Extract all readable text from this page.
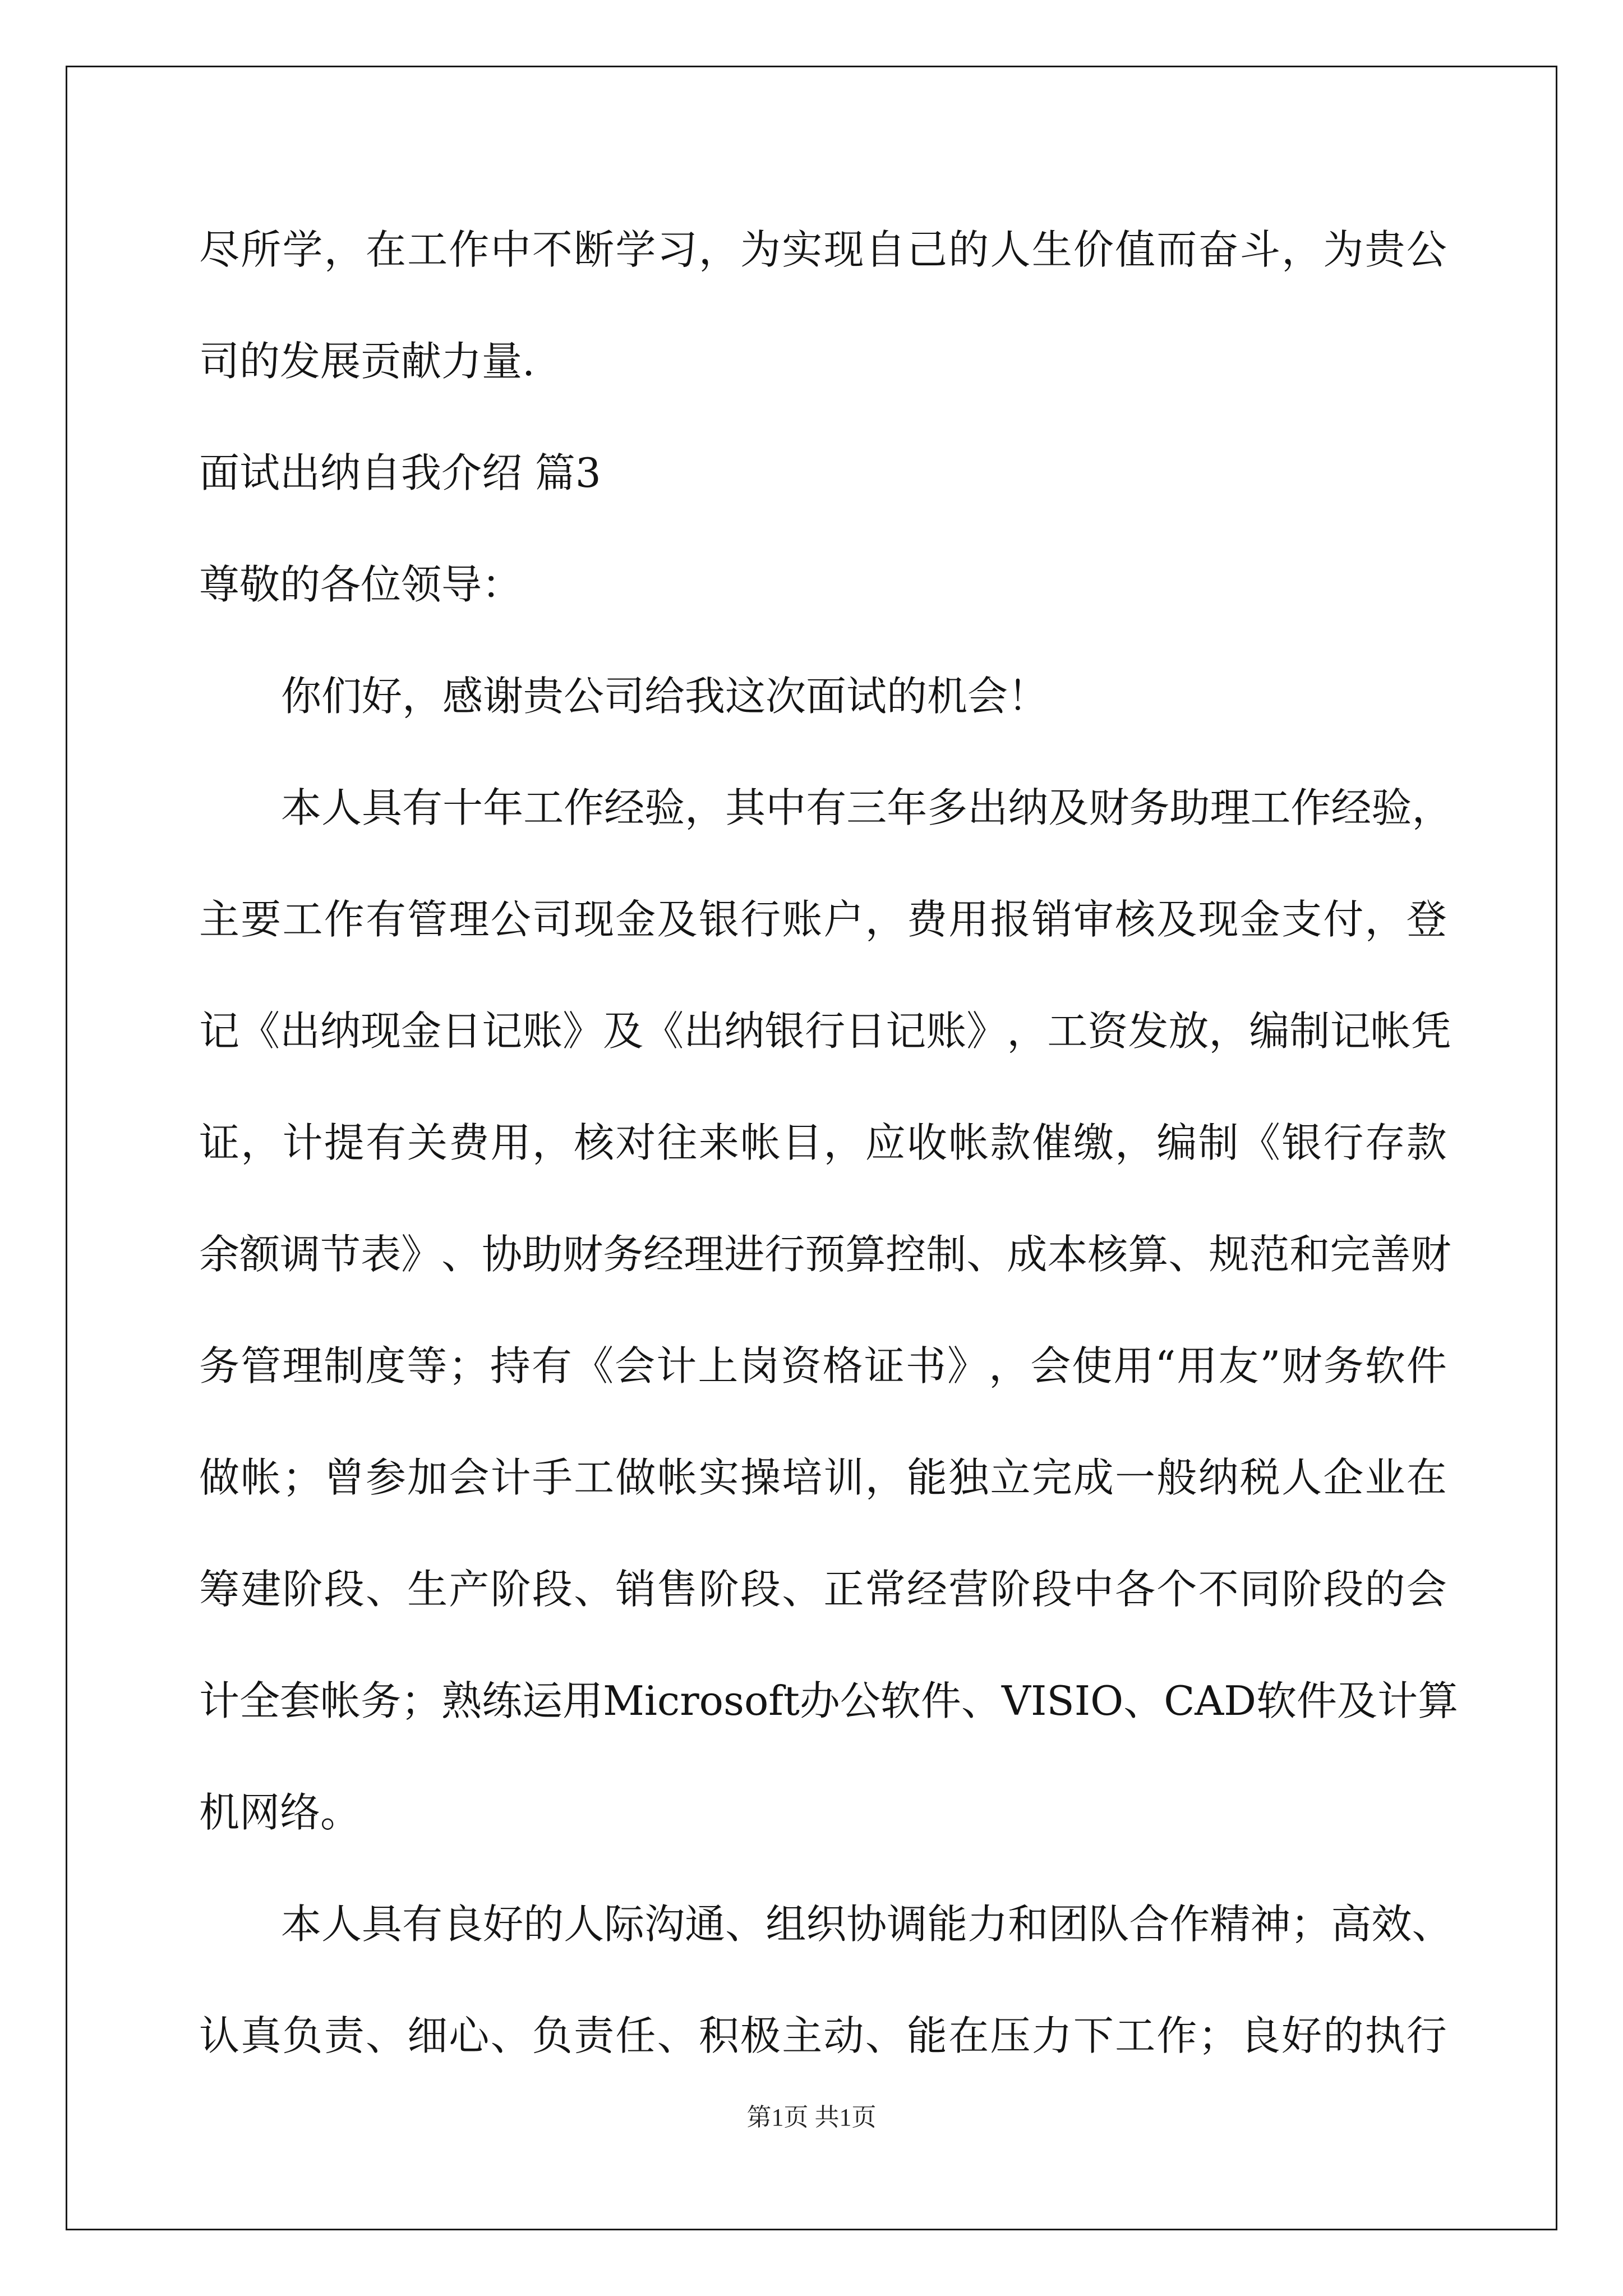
尽 所 学 ， 在 工 作 中 不 断 学 习 ， 为 实 现 自 己 的 人 生 价 值 而 奋 斗 ， 为 贵 公
司的发展贡献力量.
面试出纳自我介绍 篇3
尊敬的各位领导：
你们好，感谢贵公司给我这次面试的机会！
本 人 具 有 十 年 工 作 经 验 ， 其 中 有 三 年 多 出 纳 及 财 务 助 理 工 作 经 验 ，
主 要 工 作 有 管 理 公 司 现 金 及 银 行 账 户 ， 费 用 报 销 审 核 及 现 金 支 付 ， 登
记 《 出 纳 现 金 日 记 账 》 及 《 出 纳 银 行 日 记 账 》 ， 工 资 发 放 ， 编 制 记 帐 凭
证 ， 计 提 有 关 费 用 ， 核 对 往 来 帐 目 ， 应 收 帐 款 催 缴 ， 编 制 《 银 行 存 款
余 额 调 节 表 》 、 协 助 财 务 经 理 进 行 预 算 控 制 、 成 本 核 算 、 规 范 和 完 善 财
务 管 理 制 度 等 ； 持 有 《 会 计 上 岗 资 格 证 书 》 ， 会 使 用 “ 用 友 ” 财 务 软 件
做 帐 ； 曾 参 加 会 计 手 工 做 帐 实 操 培 训 ， 能 独 立 完 成 一 般 纳 税 人 企 业 在
筹 建 阶 段 、 生 产 阶 段 、 销 售 阶 段 、 正 常 经 营 阶 段 中 各 个 不 同 阶 段 的 会
计 全 套 帐 务 ； 熟 练 运 用 Microsoft 办 公 软 件 、 VISIO 、 CAD 软 件 及 计 算
机网络。
本 人 具 有 良 好 的 人 际 沟 通 、 组 织 协 调 能 力 和 团 队 合 作 精 神 ； 高 效 、
认 真 负 责 、 细 心 、 负 责 任 、 积 极 主 动 、 能 在 压 力 下 工 作 ； 良 好 的 执 行
第1页 共1页
